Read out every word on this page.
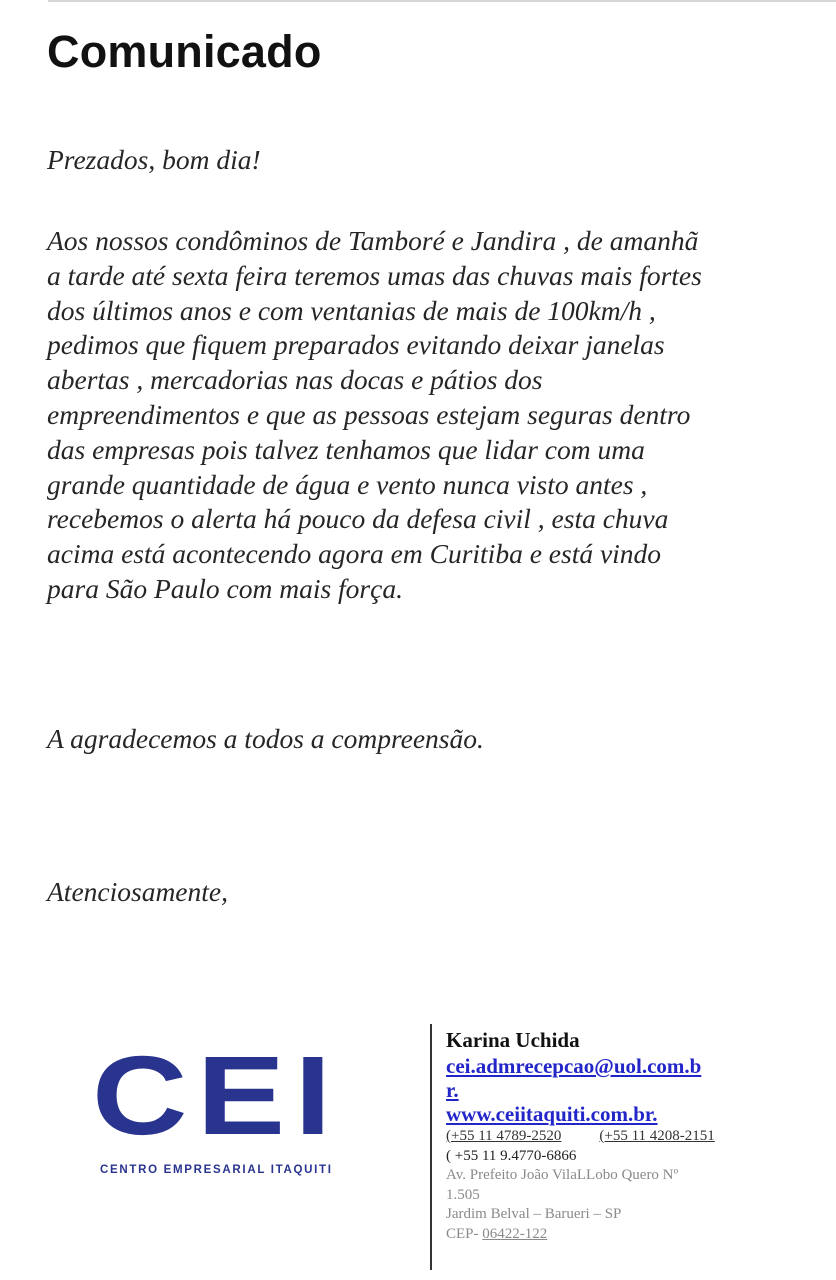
Comunicado
Prezados, bom dia!
Aos nossos condôminos de Tamboré e Jandira , de amanhã
a tarde até sexta feira teremos umas das chuvas mais fortes
dos últimos anos e com ventanias de mais de 100km/h ,
pedimos que fiquem preparados evitando deixar janelas
abertas , mercadorias nas docas e pátios dos
empreendimentos e que as pessoas estejam seguras dentro
das empresas pois talvez tenhamos que lidar com uma
grande quantidade de água e vento nunca visto antes ,
recebemos o alerta há pouco da defesa civil , esta chuva
acima está acontecendo agora em Curitiba e está vindo
para São Paulo com mais força.
A agradecemos a todos a compreensão.
Atenciosamente,
CEI
CENTRO EMPRESARIAL ITAQUITI
Karina Uchida
cei.admrecepcao@uol.com.b
r.
www.ceiitaquiti.com.br.
(+55 11 4789-2520	(+55 11 4208-2151
( +55 11 9.4770-6866
Av. Prefeito João VilaLLobo Quero Nº
1.505
Jardim Belval – Barueri – SP
CEP- 06422-122
